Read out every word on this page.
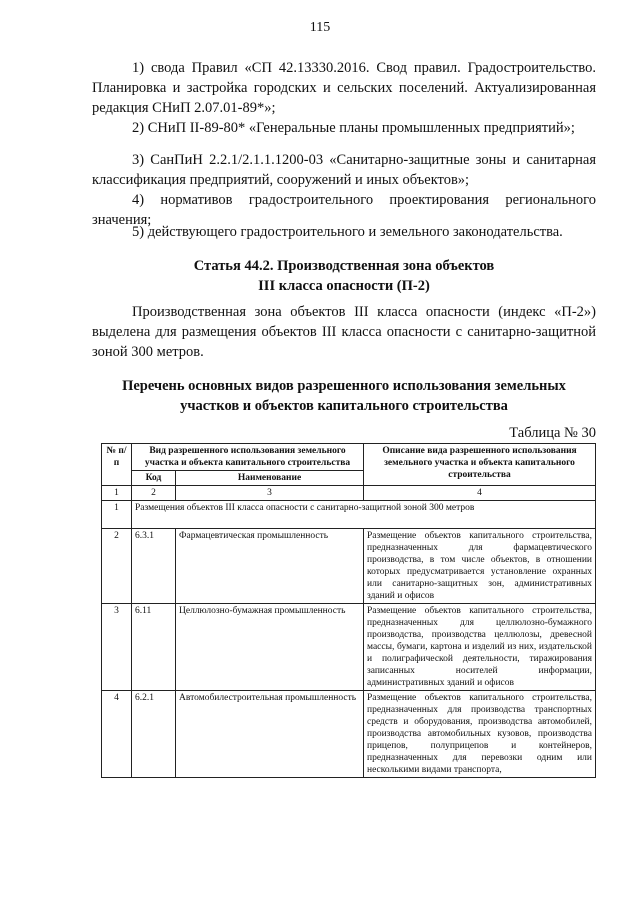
115
1) свода Правил «СП 42.13330.2016. Свод правил. Градостроительство. Планировка и застройка городских и сельских поселений. Актуализированная редакция СНиП 2.07.01-89*»;
2) СНиП II-89-80* «Генеральные планы промышленных предприятий»;
3) СанПиН 2.2.1/2.1.1.1200-03 «Санитарно-защитные зоны и санитарная классификация предприятий, сооружений и иных объектов»;
4) нормативов градостроительного проектирования регионального значения;
5) действующего градостроительного и земельного законодательства.
Статья 44.2. Производственная зона объектов
III класса опасности (П-2)
Производственная зона объектов III класса опасности (индекс «П-2») выделена для размещения объектов III класса опасности с санитарно-защитной зоной 300 метров.
Перечень основных видов разрешенного использования земельных
участков и объектов капитального строительства
Таблица № 30
№ п/п	Вид разрешенного использования земельного участка и объекта капитального строительства		Описание вида разрешенного использования земельного участка и объекта капитального строительства
	Код	Наименование	
1	2	3	4
1	Размещения объектов III класса опасности с санитарно-защитной зоной 300 метров		
2	6.3.1	Фармацевтическая промышленность	Размещение объектов капитального строительства, предназначенных для фармацевтического производства, в том числе объектов, в отношении которых предусматривается установление охранных или санитарно-защитных зон, административных зданий и офисов
3	6.11	Целлюлозно-бумажная промышленность	Размещение объектов капитального строительства, предназначенных для целлюлозно-бумажного производства, производства целлюлозы, древесной массы, бумаги, картона и изделий из них, издательской и полиграфической деятельности, тиражирования записанных носителей информации, административных зданий и офисов
4	6.2.1	Автомобилестроительная промышленность	Размещение объектов капитального строительства, предназначенных для производства транспортных средств и оборудования, производства автомобилей, производства автомобильных кузовов, производства прицепов, полуприцепов и контейнеров, предназначенных для перевозки одним или несколькими видами транспорта,
